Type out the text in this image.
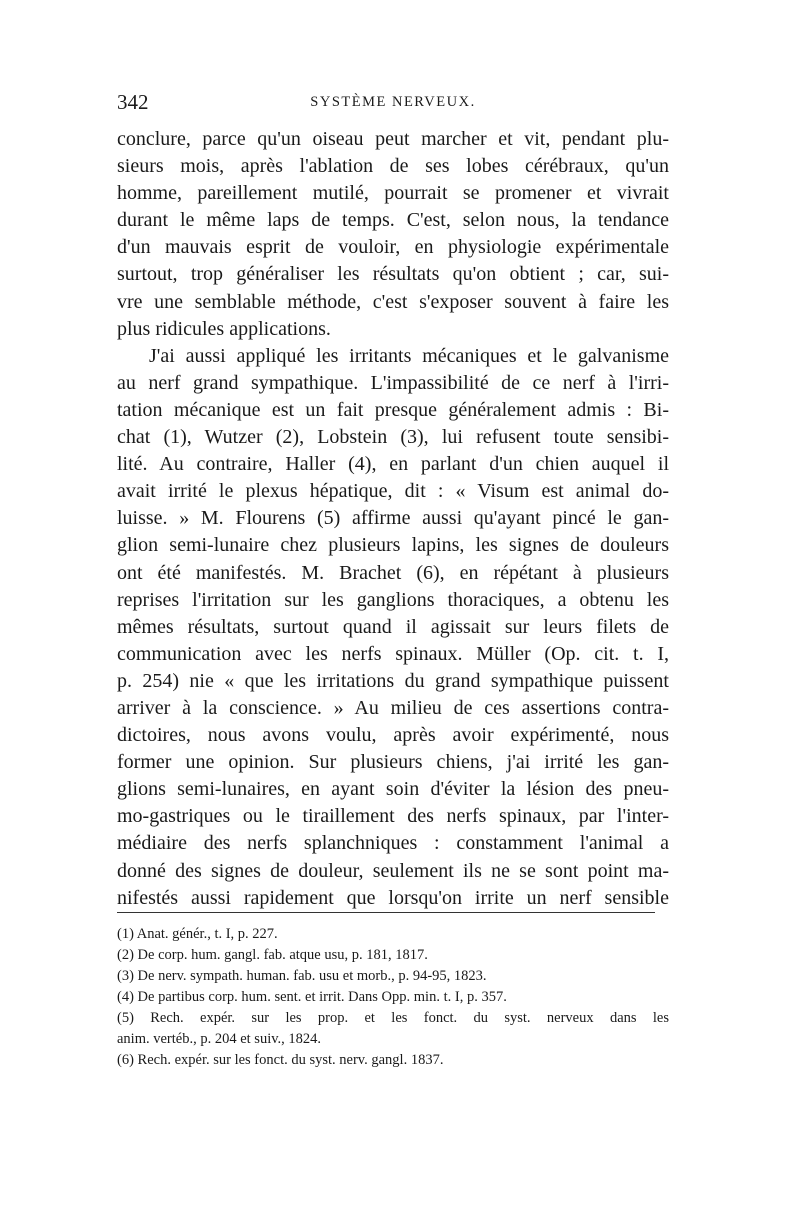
342	SYSTÈME NERVEUX.
conclure, parce qu'un oiseau peut marcher et vit, pendant plu-
sieurs mois, après l'ablation de ses lobes cérébraux, qu'un
homme, pareillement mutilé, pourrait se promener et vivrait
durant le même laps de temps. C'est, selon nous, la tendance
d'un mauvais esprit de vouloir, en physiologie expérimentale
surtout, trop généraliser les résultats qu'on obtient ; car, sui-
vre une semblable méthode, c'est s'exposer souvent à faire les
plus ridicules applications.
J'ai aussi appliqué les irritants mécaniques et le galvanisme
au nerf grand sympathique. L'impassibilité de ce nerf à l'irri-
tation mécanique est un fait presque généralement admis : Bi-
chat (1), Wutzer (2), Lobstein (3), lui refusent toute sensibi-
lité. Au contraire, Haller (4), en parlant d'un chien auquel il
avait irrité le plexus hépatique, dit : « Visum est animal do-
luisse. » M. Flourens (5) affirme aussi qu'ayant pincé le gan-
glion semi-lunaire chez plusieurs lapins, les signes de douleurs
ont été manifestés. M. Brachet (6), en répétant à plusieurs
reprises l'irritation sur les ganglions thoraciques, a obtenu les
mêmes résultats, surtout quand il agissait sur leurs filets de
communication avec les nerfs spinaux. Müller (Op. cit. t. I,
p. 254) nie « que les irritations du grand sympathique puissent
arriver à la conscience. » Au milieu de ces assertions contra-
dictoires, nous avons voulu, après avoir expérimenté, nous
former une opinion. Sur plusieurs chiens, j'ai irrité les gan-
glions semi-lunaires, en ayant soin d'éviter la lésion des pneu-
mo-gastriques ou le tiraillement des nerfs spinaux, par l'inter-
médiaire des nerfs splanchniques : constamment l'animal a
donné des signes de douleur, seulement ils ne se sont point ma-
nifestés aussi rapidement que lorsqu'on irrite un nerf sensible
(1) Anat. génér., t. I, p. 227.
(2) De corp. hum. gangl. fab. atque usu, p. 181, 1817.
(3) De nerv. sympath. human. fab. usu et morb., p. 94-95, 1823.
(4) De partibus corp. hum. sent. et irrit. Dans Opp. min. t. I, p. 357.
(5) Rech. expér. sur les prop. et les fonct. du syst. nerveux dans les
anim. vertéb., p. 204 et suiv., 1824.
(6) Rech. expér. sur les fonct. du syst. nerv. gangl. 1837.
